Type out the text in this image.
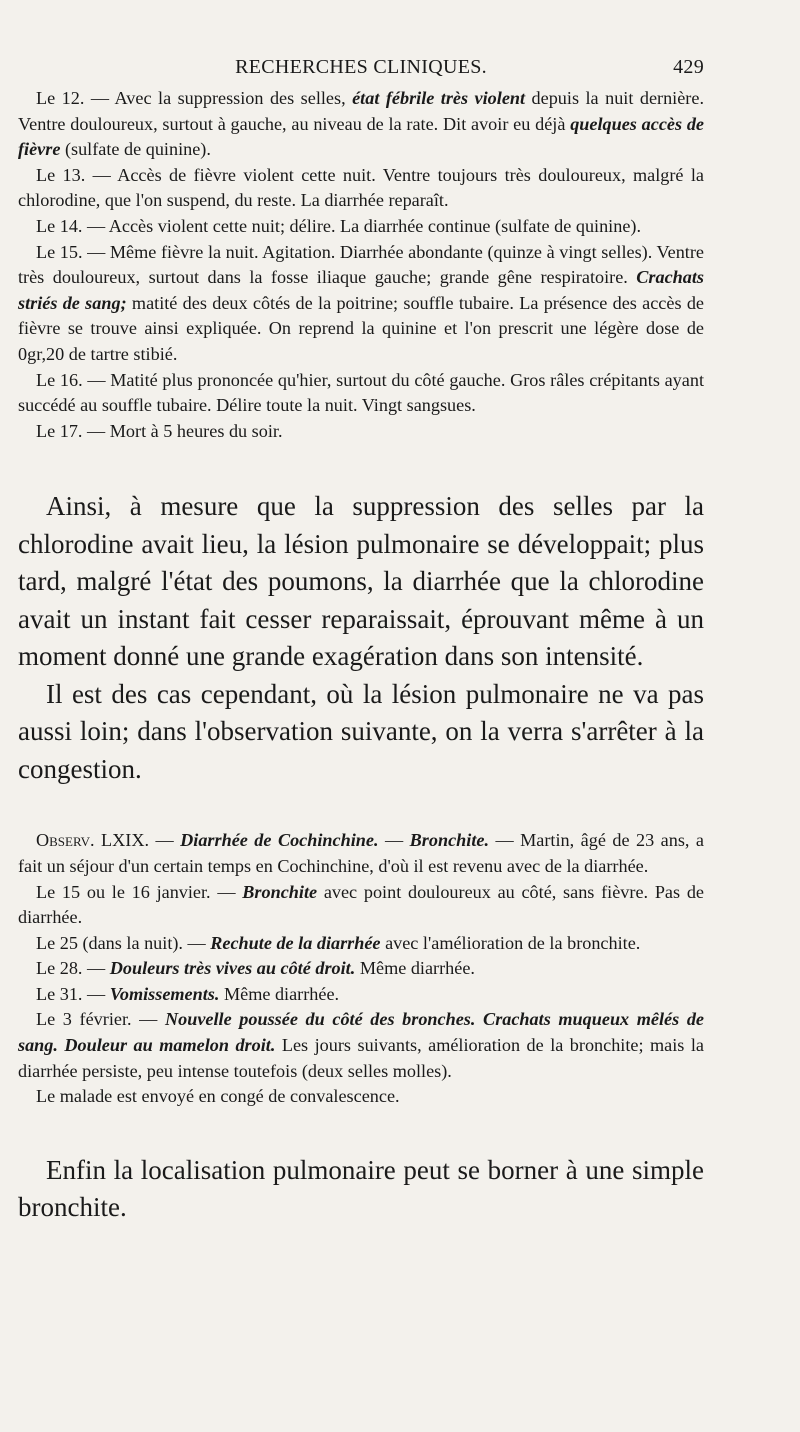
RECHERCHES CLINIQUES.	429

Le 12. — Avec la suppression des selles, état fébrile très violent depuis la nuit dernière. Ventre douloureux, surtout à gauche, au niveau de la rate. Dit avoir eu déjà quelques accès de fièvre (sulfate de quinine).

Le 13. — Accès de fièvre violent cette nuit. Ventre toujours très douloureux, malgré la chlorodine, que l'on suspend, du reste. La diarrhée reparaît.

Le 14. — Accès violent cette nuit; délire. La diarrhée continue (sulfate de quinine).

Le 15. — Même fièvre la nuit. Agitation. Diarrhée abondante (quinze à vingt selles). Ventre très douloureux, surtout dans la fosse iliaque gauche; grande gêne respiratoire. Crachats striés de sang; matité des deux côtés de la poitrine; souffle tubaire. La présence des accès de fièvre se trouve ainsi expliquée. On reprend la quinine et l'on prescrit une légère dose de 0gr,20 de tartre stibié.

Le 16. — Matité plus prononcée qu'hier, surtout du côté gauche. Gros râles crépitants ayant succédé au souffle tubaire. Délire toute la nuit. Vingt sangsues.

Le 17. — Mort à 5 heures du soir.

Ainsi, à mesure que la suppression des selles par la chlorodine avait lieu, la lésion pulmonaire se développait; plus tard, malgré l'état des poumons, la diarrhée que la chlorodine avait un instant fait cesser reparaissait, éprouvant même à un moment donné une grande exagération dans son intensité.

Il est des cas cependant, où la lésion pulmonaire ne va pas aussi loin; dans l'observation suivante, on la verra s'arrêter à la congestion.

Observ. LXIX. — Diarrhée de Cochinchine. — Bronchite. — Martin, âgé de 23 ans, a fait un séjour d'un certain temps en Cochinchine, d'où il est revenu avec de la diarrhée.

Le 15 ou le 16 janvier. — Bronchite avec point douloureux au côté, sans fièvre. Pas de diarrhée.

Le 25 (dans la nuit). — Rechute de la diarrhée avec l'amélioration de la bronchite.

Le 28. — Douleurs très vives au côté droit. Même diarrhée.

Le 31. — Vomissements. Même diarrhée.

Le 3 février. — Nouvelle poussée du côté des bronches. Crachats muqueux mêlés de sang. Douleur au mamelon droit. Les jours suivants, amélioration de la bronchite; mais la diarrhée persiste, peu intense toutefois (deux selles molles).

Le malade est envoyé en congé de convalescence.

Enfin la localisation pulmonaire peut se borner à une simple bronchite.
